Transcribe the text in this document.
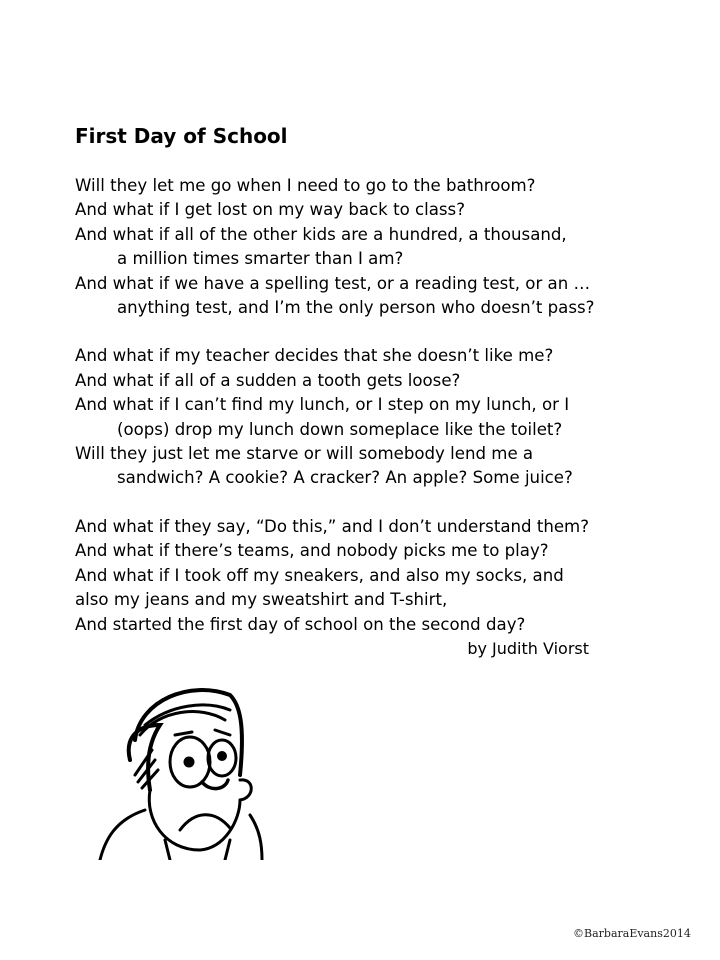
First Day of School
Will they let me go when I need to go to the bathroom?
And what if I get lost on my way back to class?
And what if all of the other kids are a hundred, a thousand,
a million times smarter than I am?
And what if we have a spelling test, or a reading test, or an …
anything test, and I’m the only person who doesn’t pass?
And what if my teacher decides that she doesn’t like me?
And what if all of a sudden a tooth gets loose?
And what if I can’t find my lunch, or I step on my lunch, or I
(oops) drop my lunch down someplace like the toilet?
Will they just let me starve or will somebody lend me a
sandwich? A cookie? A cracker? An apple? Some juice?
And what if they say, “Do this,” and I don’t understand them?
And what if there’s teams, and nobody picks me to play?
And what if I took off my sneakers, and also my socks, and
also my jeans and my sweatshirt and T-shirt,
And started the first day of school on the second day?
by Judith Viorst
©BarbaraEvans2014
